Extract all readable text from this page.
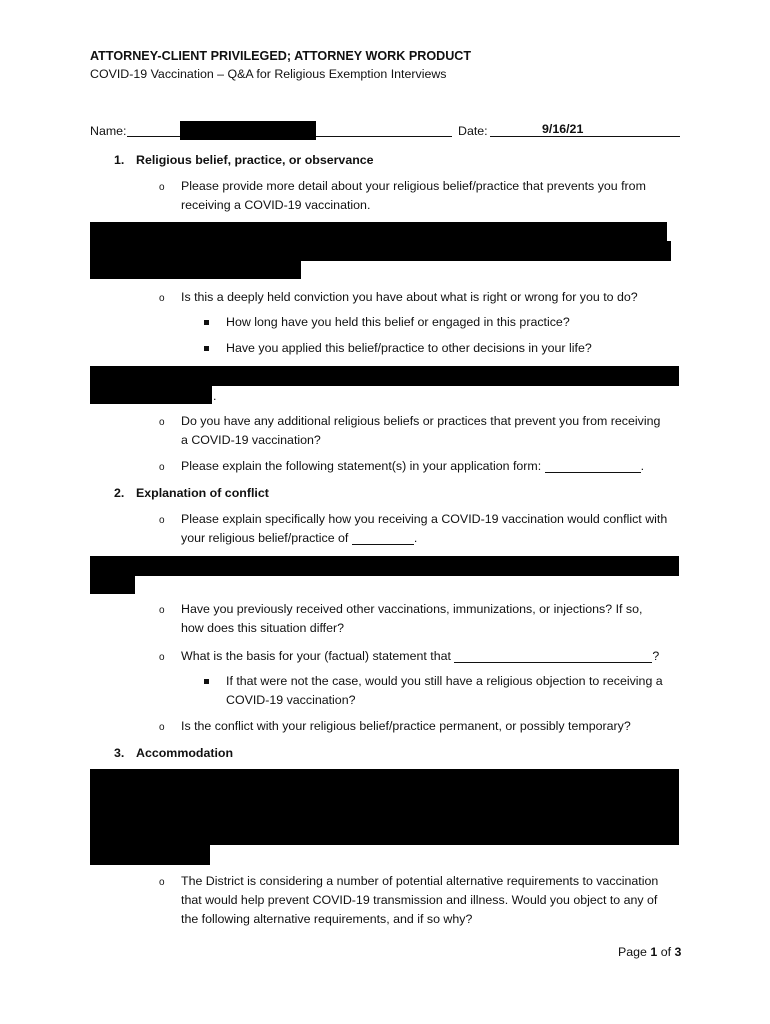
ATTORNEY-CLIENT PRIVILEGED; ATTORNEY WORK PRODUCT
COVID-19 Vaccination – Q&A for Religious Exemption Interviews
Name:	Date:	9/16/21
1. Religious belief, practice, or observance
o Please provide more detail about your religious belief/practice that prevents you from
receiving a COVID-19 vaccination.
o Is this a deeply held conviction you have about what is right or wrong for you to do?
How long have you held this belief or engaged in this practice?
Have you applied this belief/practice to other decisions in your life?
.
o Do you have any additional religious beliefs or practices that prevent you from receiving
a COVID-19 vaccination?
o Please explain the following statement(s) in your application form:	.
2. Explanation of conflict
o Please explain specifically how you receiving a COVID-19 vaccination would conflict with
your religious belief/practice of	.
o Have you previously received other vaccinations, immunizations, or injections? If so,
how does this situation differ?
o What is the basis for your (factual) statement that	?
If that were not the case, would you still have a religious objection to receiving a
COVID-19 vaccination?
o Is the conflict with your religious belief/practice permanent, or possibly temporary?
3. Accommodation
o The District is considering a number of potential alternative requirements to vaccination
that would help prevent COVID-19 transmission and illness. Would you object to any of
the following alternative requirements, and if so why?
Page 1 of 3
